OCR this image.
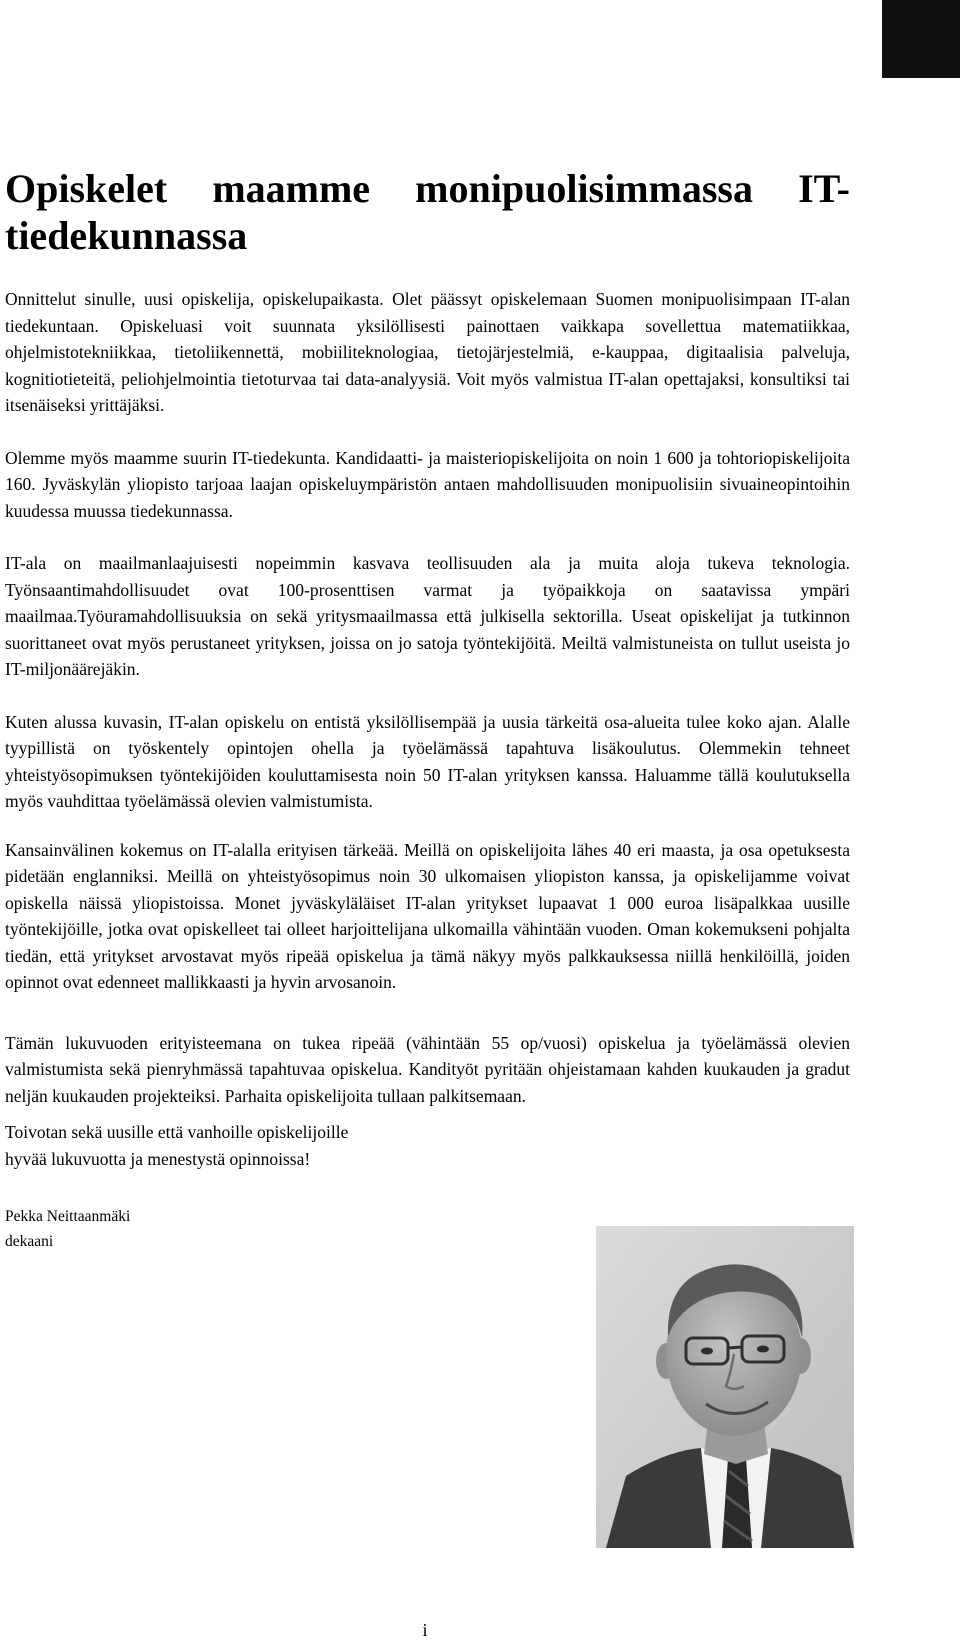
Opiskelet maamme monipuolisimmassa IT-tiedekunnassa

Onnittelut sinulle, uusi opiskelija, opiskelupaikasta. Olet päässyt opiskelemaan Suomen monipuolisimpaan IT-alan tiedekuntaan. Opiskeluasi voit suunnata yksilöllisesti painottaen vaikkapa sovellettua matematiikkaa, ohjelmistotekniikkaa, tietoliikennettä, mobiiliteknologiaa, tietojärjestelmiä, e-kauppaa, digitaalisia palveluja, kognitiotieteitä, peliohjelmointia tietoturvaa tai data-analyysiä. Voit myös valmistua IT-alan opettajaksi, konsultiksi tai itsenäiseksi yrittäjäksi.

Olemme myös maamme suurin IT-tiedekunta. Kandidaatti- ja maisteriopiskelijoita on noin 1 600 ja tohtoriopiskelijoita 160. Jyväskylän yliopisto tarjoaa laajan opiskeluympäristön antaen mahdollisuuden monipuolisiin sivuaineopintoihin kuudessa muussa tiedekunnassa.

IT-ala on maailmanlaajuisesti nopeimmin kasvava teollisuuden ala ja muita aloja tukeva teknologia. Työnsaantimahdollisuudet ovat 100-prosenttisen varmat ja työpaikkoja on saatavissa ympäri maailmaa.Työuramahdollisuuksia on sekä yritysmaailmassa että julkisella sektorilla. Useat opiskelijat ja tutkinnon suorittaneet ovat myös perustaneet yrityksen, joissa on jo satoja työntekijöitä. Meiltä valmistuneista on tullut useista jo IT-miljonäärejäkin.

Kuten alussa kuvasin, IT-alan opiskelu on entistä yksilöllisempää ja uusia tärkeitä osa-alueita tulee koko ajan. Alalle tyypillistä on työskentely opintojen ohella ja työelämässä tapahtuva lisäkoulutus. Olemmekin tehneet yhteistyösopimuksen työntekijöiden kouluttamisesta noin 50 IT-alan yrityksen kanssa. Haluamme tällä koulutuksella myös vauhdittaa työelämässä olevien valmistumista.

Kansainvälinen kokemus on IT-alalla erityisen tärkeää. Meillä on opiskelijoita lähes 40 eri maasta, ja osa opetuksesta pidetään englanniksi. Meillä on yhteistyösopimus noin 30 ulkomaisen yliopiston kanssa, ja opiskelijamme voivat opiskella näissä yliopistoissa. Monet jyväskyläläiset IT-alan yritykset lupaavat 1 000 euroa lisäpalkkaa uusille työntekijöille, jotka ovat opiskelleet tai olleet harjoittelijana ulkomailla vähintään vuoden. Oman kokemukseni pohjalta tiedän, että yritykset arvostavat myös ripeää opiskelua ja tämä näkyy myös palkkauksessa niillä henkilöillä, joiden opinnot ovat edenneet mallikkaasti ja hyvin arvosanoin.

Tämän lukuvuoden erityisteemana on tukea ripeää (vähintään 55 op/vuosi) opiskelua ja työelämässä olevien valmistumista sekä pienryhmässä tapahtuvaa opiskelua. Kandityöt pyritään ohjeistamaan kahden kuukauden ja gradut neljän kuukauden projekteiksi. Parhaita opiskelijoita tullaan palkitsemaan.

Toivotan sekä uusille että vanhoille opiskelijoille
hyvää lukuvuotta ja menestystä opinnoissa!

Pekka Neittaanmäki
dekaani
i
